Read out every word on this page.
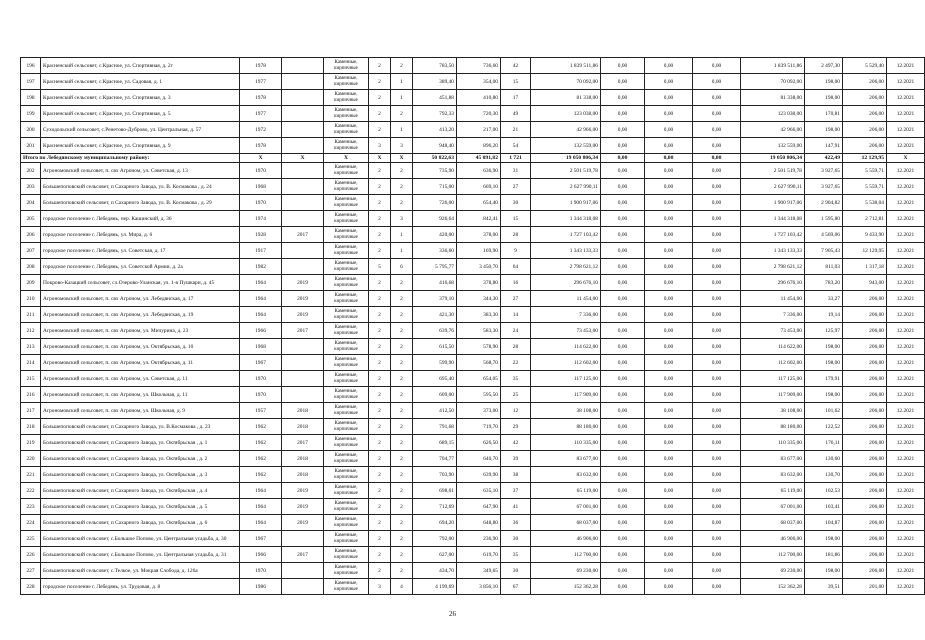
196	Красненский сельсовет, с.Красное, ул. Спортивная, д. 2г	1978		Каменные, кирпичные	2	2	783,50	736,60	42	1 839 511,86	0,00	0,00	0,00	1 839 511,86	2 497,30	5 529,40	12.2021
197	Красненский сельсовет, с.Красное, ул. Садовая, д. 1	1977		Каменные, кирпичные	2	1	389,40	354,00	15	70 092,00	0,00	0,00	0,00	70 092,00	198,00	206,00	12.2021
198	Красненский сельсовет, с.Красное, ул. Спортивная, д. 3	1978		Каменные, кирпичные	2	1	451,88	410,80	17	81 338,00	0,00	0,00	0,00	81 338,00	198,00	206,00	12.2021
199	Красненский сельсовет, с.Красное, ул. Спортивная, д. 5	1977		Каменные, кирпичные	2	2	792,33	720,30	49	123 038,00	0,00	0,00	0,00	123 038,00	170,81	206,00	12.2021
200	Суходольский сельсовет, с.Ренетово-Дуброво, ул. Центральная, д. 57	1972		Каменные, кирпичные	2	1	413,20	217,00	21	42 966,00	0,00	0,00	0,00	42 966,00	198,00	206,00	12.2021
201	Красненский сельсовет, с.Красное, ул. Спортивная, д. 9	1978		Каменные, кирпичные	3	3	948,40	896,20	54	132 559,00	0,00	0,00	0,00	132 559,00	147,91	206,00	12.2021
Итого по Лебедянскому муниципальному району:		X	X	X	X	X	50 822,63	45 091,82	1 721	19 050 806,34	0,00	0,00	0,00	19 050 806,34	422,49	12 129,95	X
202	Агрономовский сельсовет, п. свх Агроном, ул. Советская, д. 13	1970		Каменные, кирпичные	2	2	735,90	636,90	31	2 501 519,78	0,00	0,00	0,00	2 501 519,78	3 927,65	5 559,71	12.2021
203	Большепоповский сельсовет, п Сахарного Завода, ул. В. Космакова , д. 24	1968		Каменные, кирпичные	2	2	715,00	669,10	27	2 627 990,11	0,00	0,00	0,00	2 627 990,11	3 927,65	5 559,71	12.2021
204	Большепоповский сельсовет, п Сахарного Завода, ул. В. Космакова , д. 29	1970		Каменные, кирпичные	2	2	726,00	654,40	30	1 900 917,06	0,00	0,00	0,00	1 900 917,06	2 904,82	5 538,04	12.2021
205	городское поселение г. Лебедянь, пер. Кашинский, д. 36	1974		Каменные, кирпичные	2	3	926,64	842,41	15	1 344 318,08	0,00	0,00	0,00	1 344 318,08	1 595,80	2 712,81	12.2021
206	городское поселение г. Лебедянь, ул. Мира, д. 6	1928	2017	Каменные, кирпичные	2	1	420,00	378,00	28	1 727 103,42	0,00	0,00	0,00	1 727 103,42	4 569,06	9 433,90	12.2021
207	городское поселение г. Лебедянь, ул. Советская, д. 17	1917		Каменные, кирпичные	2	1	336,60	169,90	9	1 343 133,33	0,00	0,00	0,00	1 343 133,33	7 905,43	12 129,95	12.2021
208	городское поселение г. Лебедянь, ул. Советской Армии, д. 2а	1982		Каменные, кирпичные	5	6	5 795,77	3 450,70	64	2 798 621,12	0,00	0,00	0,00	2 798 621,12	811,03	1 317,18	12.2021
209	Покрово-Казацкий сельсовет, сл.Озерово-Уланская, ул. 1-я Пушкари, д. 45	1964	2019	Каменные, кирпичные	2	2	416,68	378,80	16	296 676,10	0,00	0,00	0,00	296 676,10	783,20	943,00	12.2021
210	Агрономовский сельсовет, п. свх Агроном, ул. Лебедянская, д. 17	1964	2019	Каменные, кирпичные	2	2	379,10	344,30	27	11 454,00	0,00	0,00	0,00	11 454,00	33,27	206,00	12.2021
211	Агрономовский сельсовет, п. свх Агроном, ул. Лебедянская, д. 19	1964	2019	Каменные, кирпичные	2	2	421,30	383,30	14	7 336,00	0,00	0,00	0,00	7 336,00	19,14	206,00	12.2021
212	Агрономовский сельсовет, п. свх Агроном, ул. Мичурина, д. 23	1966	2017	Каменные, кирпичные	2	2	639,76	583,30	24	73 453,00	0,00	0,00	0,00	73 453,00	125,97	206,00	12.2021
213	Агрономовский сельсовет, п. свх Агроном, ул. Октябрьская, д. 10	1968		Каменные, кирпичные	2	2	615,50	578,90	28	114 622,00	0,00	0,00	0,00	114 622,00	198,00	206,00	12.2021
214	Агрономовский сельсовет, п. свх Агроном, ул. Октябрьская, д. 11	1967		Каменные, кирпичные	2	2	599,90	568,70	22	112 602,00	0,00	0,00	0,00	112 602,00	198,00	206,00	12.2021
215	Агрономовский сельсовет, п. свх Агроном, ул. Советская, д. 11	1970		Каменные, кирпичные	2	2	695,40	654,05	35	117 125,00	0,00	0,00	0,00	117 125,00	179,91	206,00	12.2021
216	Агрономовский сельсовет, п. свх Агроном, ул. Школьная, д. 11	1970		Каменные, кирпичные	2	2	609,00	595,50	25	117 909,00	0,00	0,00	0,00	117 909,00	198,00	206,00	12.2021
217	Агрономовский сельсовет, п. свх Агроном, ул. Школьная, д. 9	1957	2018	Каменные, кирпичные	2	2	412,50	373,00	12	38 108,00	0,00	0,00	0,00	38 108,00	101,62	206,00	12.2021
218	Большепоповский сельсовет, п Сахарного Завода, ул. В.Космакова , д. 23	1962	2018	Каменные, кирпичные	2	2	791,68	719,70	29	88 180,00	0,00	0,00	0,00	88 180,00	122,52	206,00	12.2021
219	Большепоповский сельсовет, п Сахарного Завода, ул. Октябрьская , д. 1	1962	2017	Каменные, кирпичные	2	2	689,15	626,50	42	110 335,00	0,00	0,00	0,00	110 335,00	176,11	206,00	12.2021
220	Большепоповский сельсовет, п Сахарного Завода, ул. Октябрьская , д. 2	1962	2018	Каменные, кирпичные	2	2	704,77	640,70	39	83 677,00	0,00	0,00	0,00	83 677,00	130,60	206,00	12.2021
221	Большепоповский сельсовет, п Сахарного Завода, ул. Октябрьская , д. 3	1962	2018	Каменные, кирпичные	2	2	703,90	639,90	38	83 632,00	0,00	0,00	0,00	83 632,00	130,70	206,00	12.2021
222	Большепоповский сельсовет, п Сахарного Завода, ул. Октябрьская , д. 4	1964	2019	Каменные, кирпичные	2	2	698,61	635,10	37	65 119,00	0,00	0,00	0,00	65 119,00	102,53	206,00	12.2021
223	Большепоповский сельсовет, п Сахарного Завода, ул. Октябрьская , д. 5	1964	2019	Каменные, кирпичные	2	2	712,69	647,90	41	67 001,00	0,00	0,00	0,00	67 001,00	103,41	206,00	12.2021
224	Большепоповский сельсовет, п Сахарного Завода, ул. Октябрьская , д. 6	1964	2019	Каменные, кирпичные	2	2	694,20	648,80	36	68 037,00	0,00	0,00	0,00	68 037,00	104,87	206,00	12.2021
225	Большепоповский сельсовет, с.Большое Попово, ул. Центральная усадьба, д. 30	1967		Каменные, кирпичные	2	2	792,00	236,90	30	46 906,00	0,00	0,00	0,00	46 906,00	198,00	206,00	12.2021
226	Большепоповский сельсовет, с.Большое Попово, ул. Центральная усадьба, д. 31	1966	2017	Каменные, кирпичные	2	2	627,00	619,70	35	112 700,00	0,00	0,00	0,00	112 700,00	181,86	206,00	12.2021
227	Большепоповский сельсовет, с.Телкое, ул. Мокрая Слобода, д. 126а	1970		Каменные, кирпичные	2	2	434,70	349,65	30	69 230,00	0,00	0,00	0,00	69 230,00	198,00	206,00	12.2021
228	городское поселение г. Лебедянь, ул. Трудовая, д. 8	1986		Каменные, кирпичные	3	4	4 199,69	3 856,10	67	152 362,28	0,00	0,00	0,00	152 362,28	39,51	201,00	12.2021
26
